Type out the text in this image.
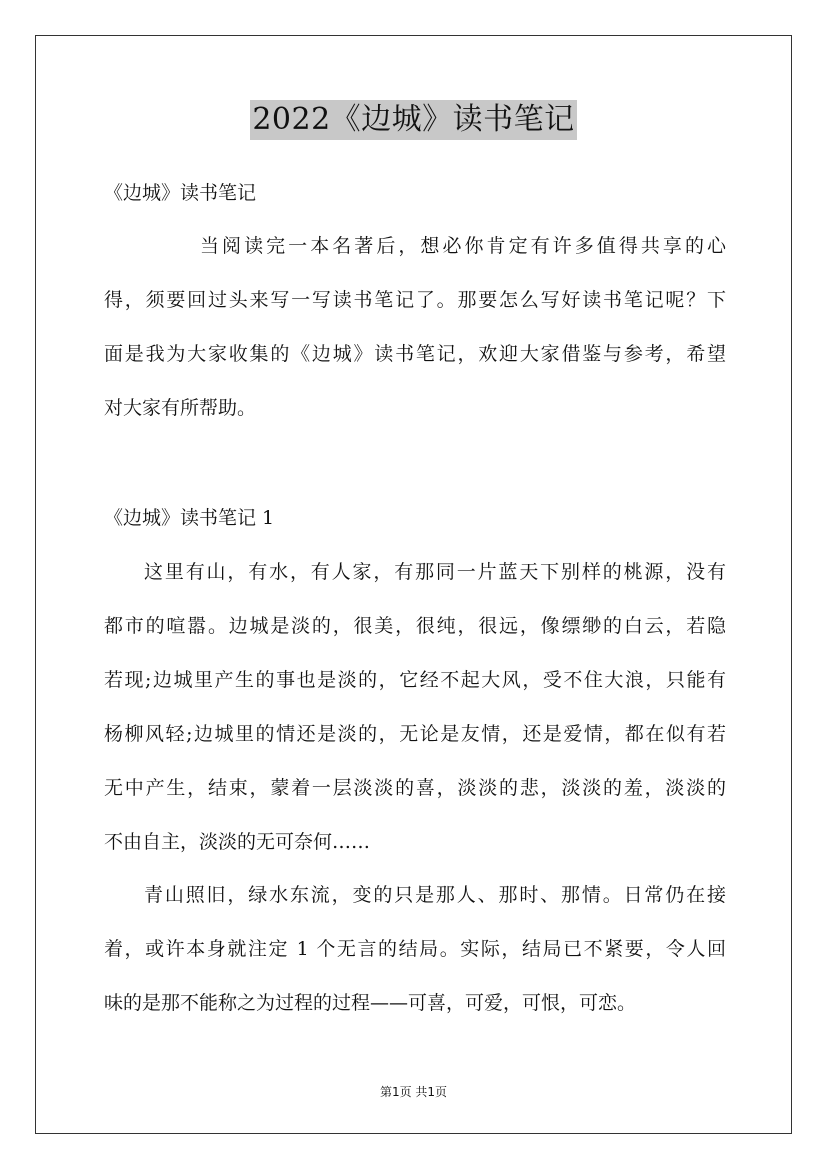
2022《边城》读书笔记
《边城》读书笔记
当阅读完一本名著后，想必你肯定有许多值得共享的心
得，须要回过头来写一写读书笔记了。那要怎么写好读书笔记呢？下
面是我为大家收集的《边城》读书笔记，欢迎大家借鉴与参考，希望
对大家有所帮助。
《边城》读书笔记 1
这里有山，有水，有人家，有那同一片蓝天下别样的桃源，没有
都市的喧嚣。边城是淡的，很美，很纯，很远，像缥缈的白云，若隐
若现;边城里产生的事也是淡的，它经不起大风，受不住大浪，只能有
杨柳风轻;边城里的情还是淡的，无论是友情，还是爱情，都在似有若
无中产生，结束，蒙着一层淡淡的喜，淡淡的悲，淡淡的羞，淡淡的
不由自主，淡淡的无可奈何……
青山照旧，绿水东流，变的只是那人、那时、那情。日常仍在接
着，或许本身就注定 1 个无言的结局。实际，结局已不紧要，令人回
味的是那不能称之为过程的过程——可喜，可爱，可恨，可恋。
第1页 共1页
